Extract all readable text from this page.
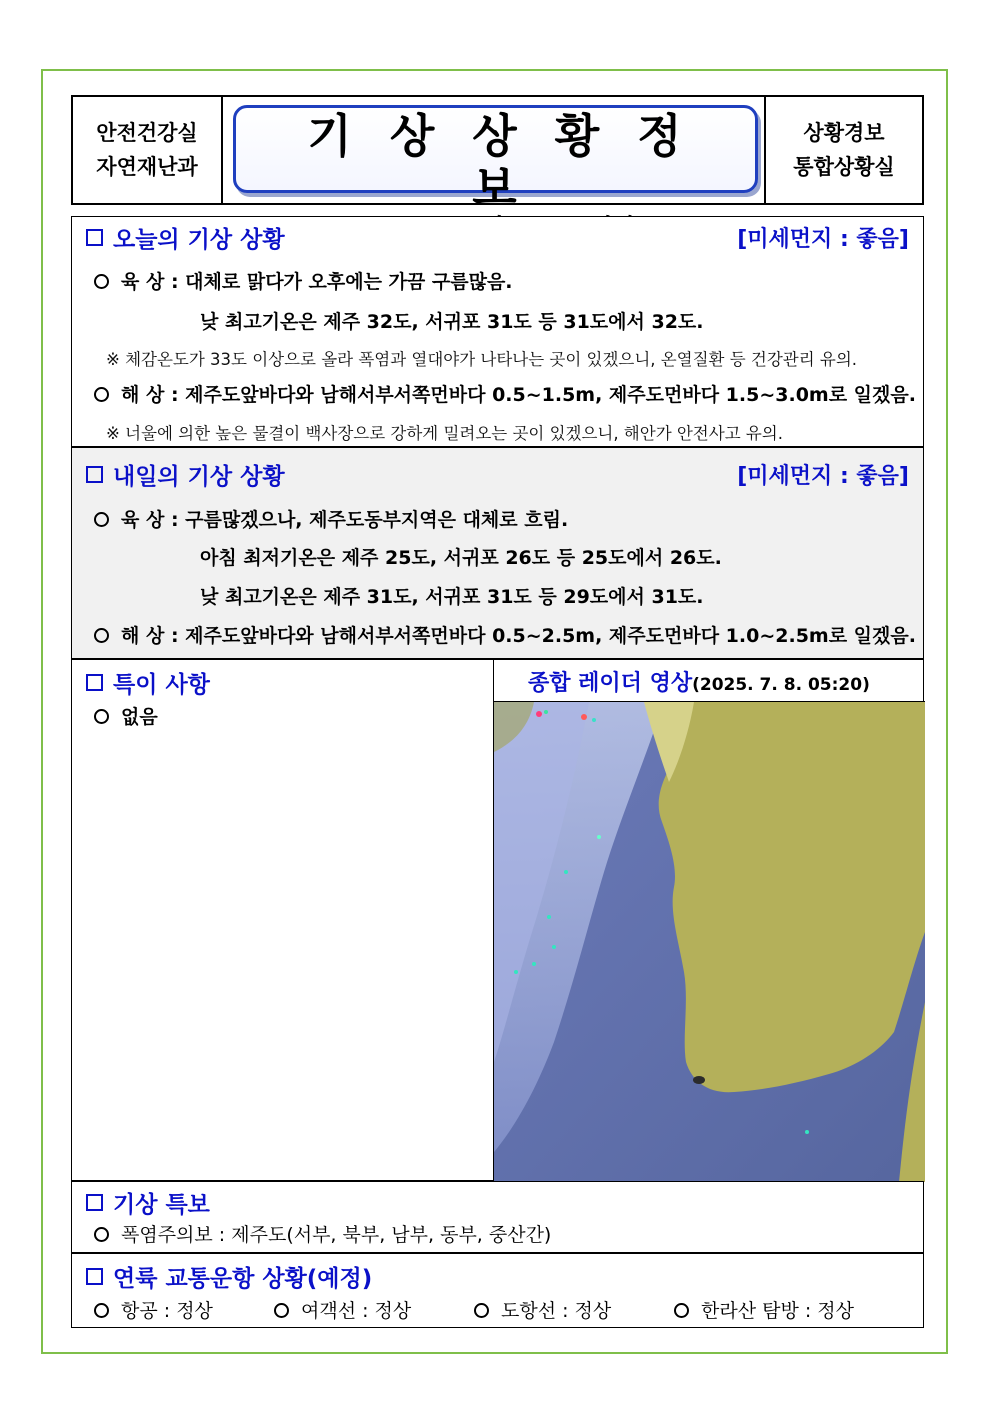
안전건강실
자연재난과
기상상황정보
상황경보
통합상황실
오늘의 기상 상황	[미세먼지 : 좋음]
육 상 : 대체로 맑다가 오후에는 가끔 구름많음.
낮 최고기온은 제주 32도, 서귀포 31도 등 31도에서 32도.
※ 체감온도가 33도 이상으로 올라 폭염과 열대야가 나타나는 곳이 있겠으니, 온열질환 등 건강관리 유의.
해 상 : 제주도앞바다와 남해서부서쪽먼바다 0.5~1.5m, 제주도먼바다 1.5~3.0m로 일겠음.
※ 너울에 의한 높은 물결이 백사장으로 강하게 밀려오는 곳이 있겠으니, 해안가 안전사고 유의.
내일의 기상 상황	[미세먼지 : 좋음]
육 상 : 구름많겠으나, 제주도동부지역은 대체로 흐림.
아침 최저기온은 제주 25도, 서귀포 26도 등 25도에서 26도.
낮 최고기온은 제주 31도, 서귀포 31도 등 29도에서 31도.
해 상 : 제주도앞바다와 남해서부서쪽먼바다 0.5~2.5m, 제주도먼바다 1.0~2.5m로 일겠음.
특이 사항
없음
종합 레이더 영상(2025. 7. 8. 05:20)
기상 특보
폭염주의보 : 제주도(서부, 북부, 남부, 동부, 중산간)
연륙 교통운항 상황(예정)
항공 : 정상	여객선 : 정상	도항선 : 정상	한라산 탐방 : 정상
